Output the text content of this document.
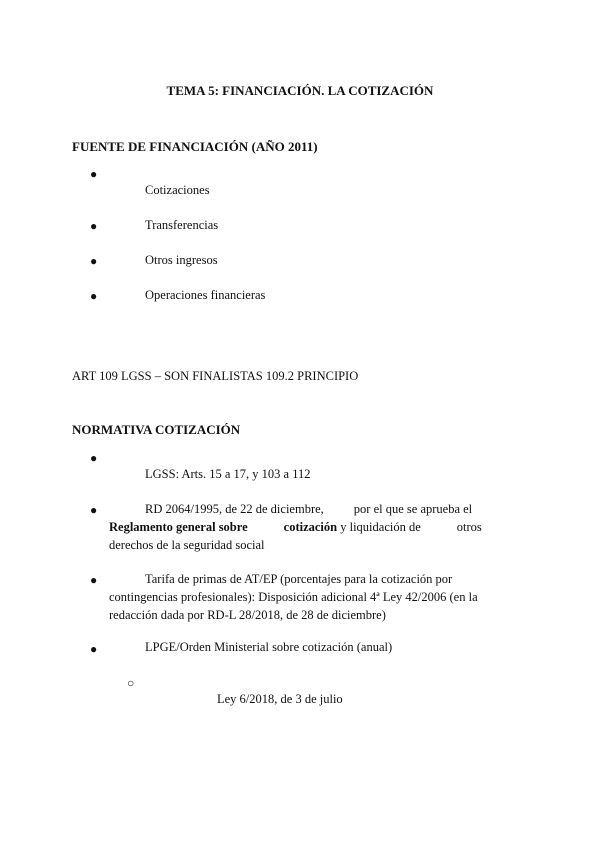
TEMA 5: FINANCIACIÓN. LA COTIZACIÓN
FUENTE DE FINANCIACIÓN (AÑO 2011)
●
Cotizaciones
●	Transferencias
●	Otros ingresos
●	Operaciones financieras
ART 109 LGSS – SON FINALISTAS 109.2 PRINCIPIO
NORMATIVA COTIZACIÓN
●
LGSS: Arts. 15 a 17, y 103 a 112
●	RD 2064/1995, de 22 de diciembre, por el que se aprueba el
Reglamento general sobre	cotización y liquidación de	otros
derechos de la seguridad social
●	Tarifa de primas de AT/EP (porcentajes para la cotización por
contingencias profesionales): Disposición adicional 4ª Ley 42/2006 (en la
redacción dada por RD-L 28/2018, de 28 de diciembre)
●	LPGE/Orden Ministerial sobre cotización (anual)
○
Ley 6/2018, de 3 de julio
